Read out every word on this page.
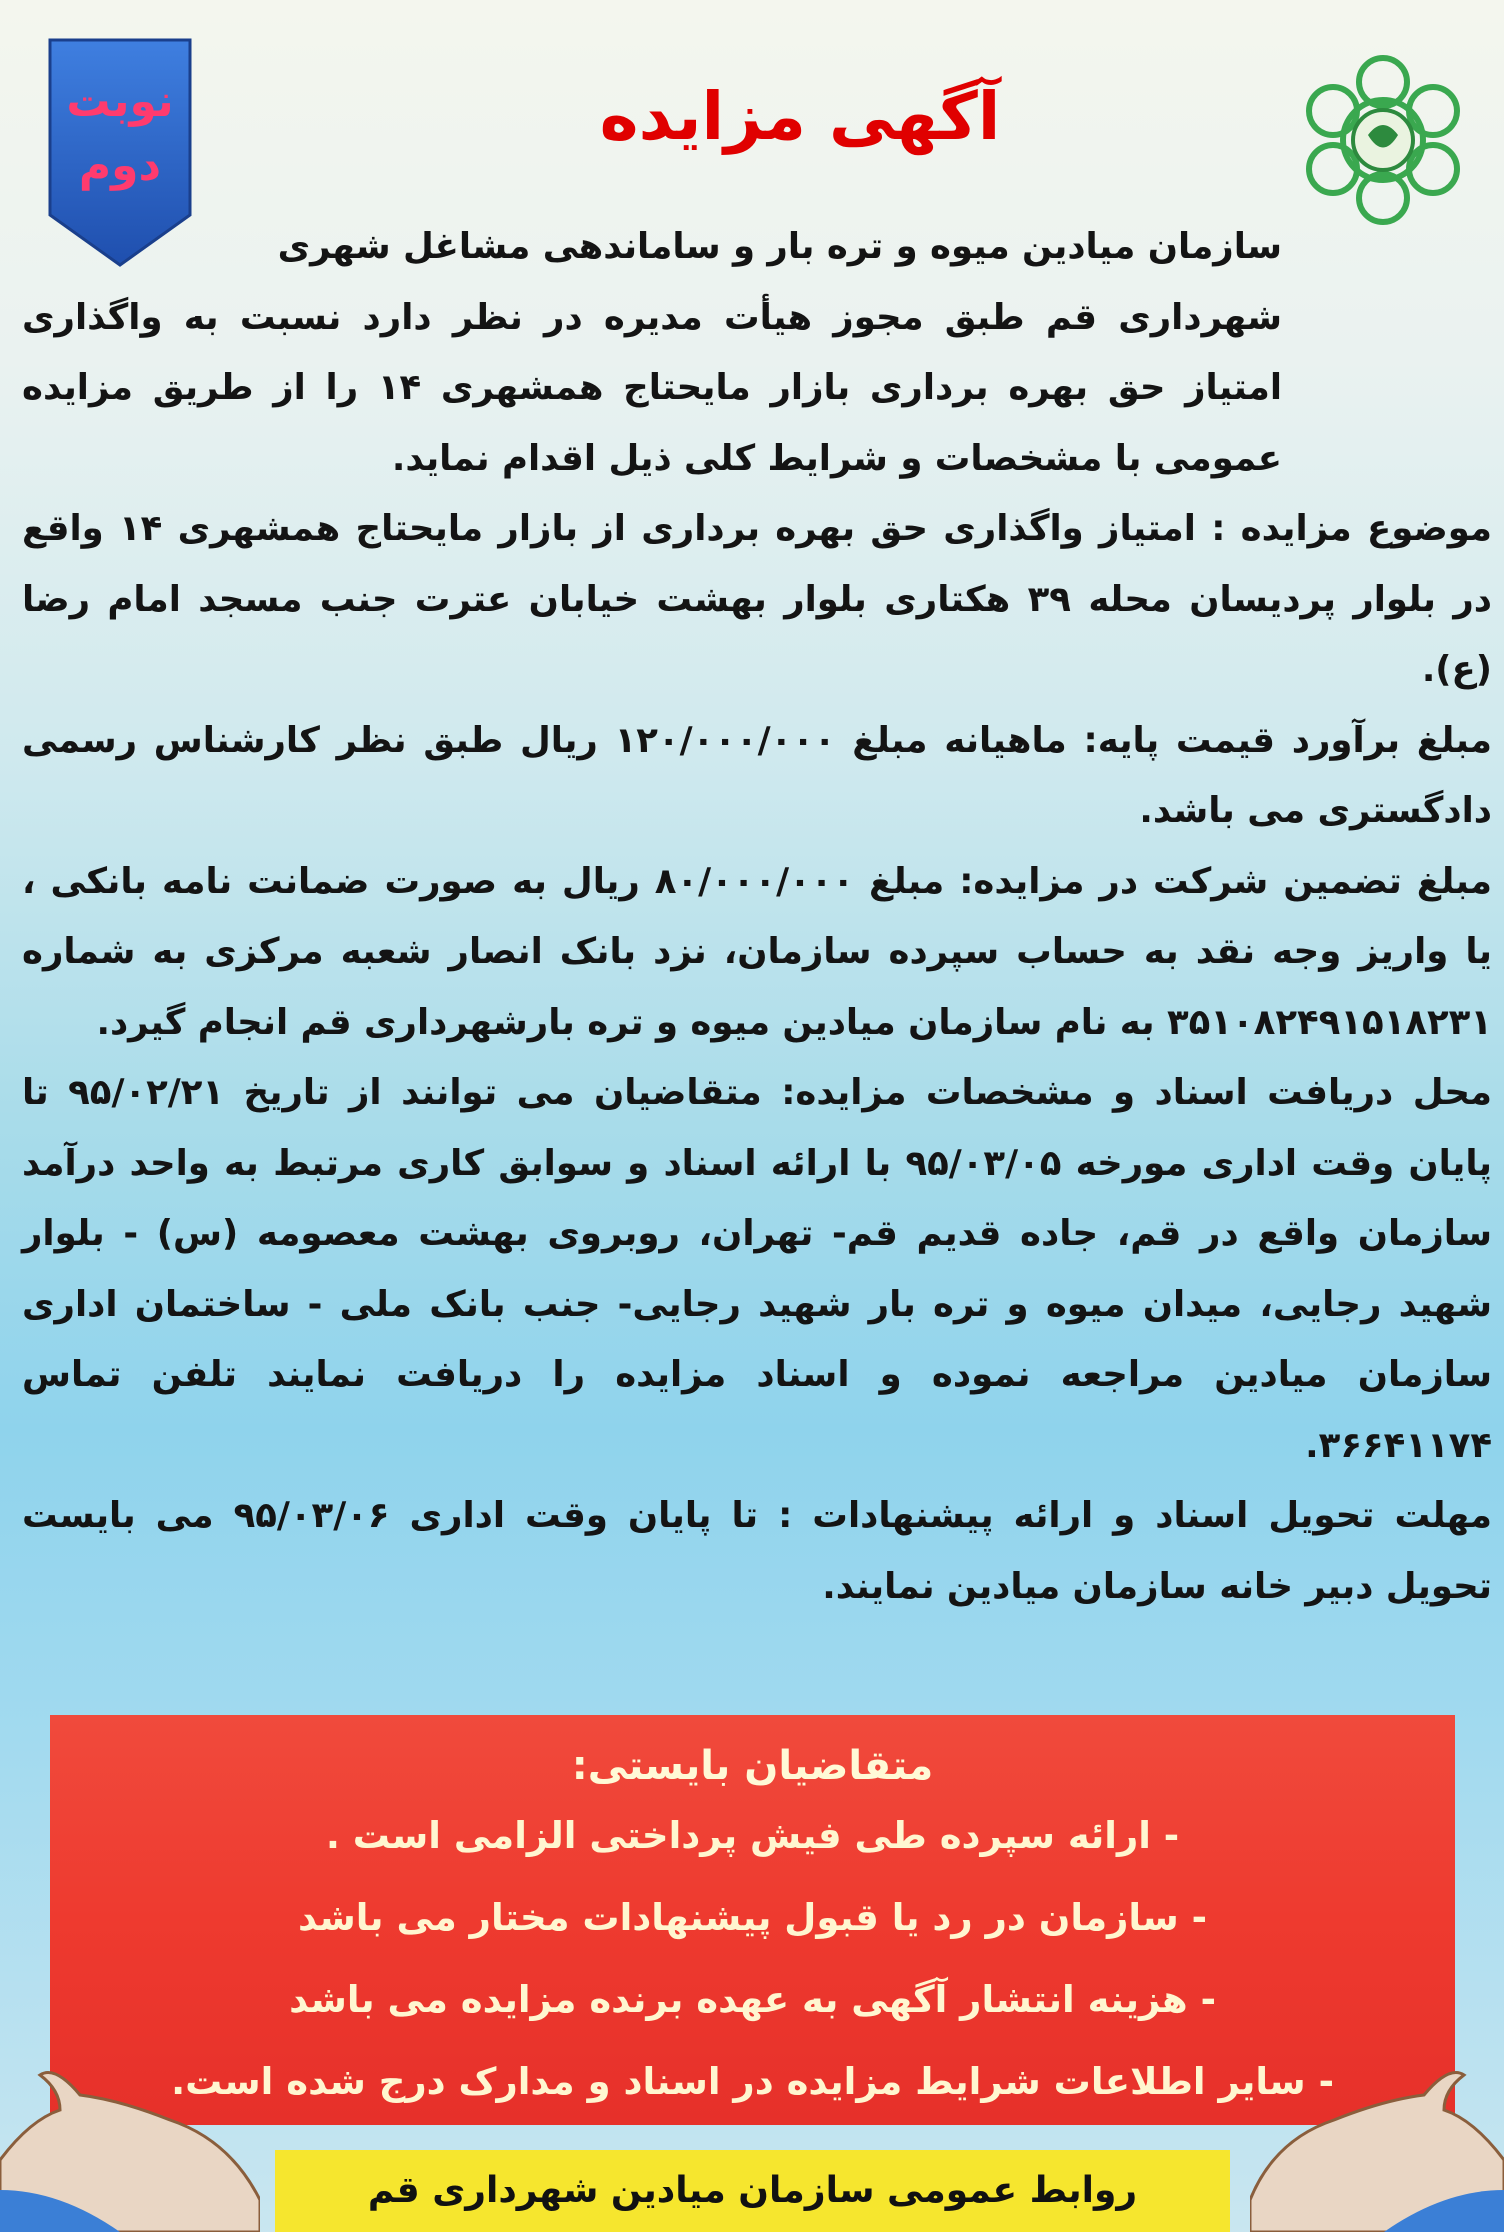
نوبت
دوم
آگهی مزایده

سازمان میادین میوه و تره بار و ساماندهی مشاغل شهری

شهرداری قم طبق مجوز هیأت مدیره در نظر دارد نسبت به واگذاری امتیاز حق بهره برداری بازار مایحتاج همشهری ۱۴ را از طریق مزایده عمومی با مشخصات و شرایط کلی ذیل اقدام نماید.

موضوع مزایده : امتیاز واگذاری حق بهره برداری از بازار مایحتاج همشهری ۱۴ واقع در بلوار پردیسان محله ۳۹ هکتاری بلوار بهشت خیابان عترت جنب مسجد امام رضا (ع).

مبلغ برآورد قیمت پایه: ماهیانه مبلغ ۱۲۰/۰۰۰/۰۰۰ ریال طبق نظر کارشناس رسمی دادگستری می باشد.

مبلغ تضمین شرکت در مزایده: مبلغ ۸۰/۰۰۰/۰۰۰ ریال به صورت ضمانت نامه بانکی ، یا واریز وجه نقد به حساب سپرده سازمان، نزد بانک انصار شعبه مرکزی به شماره ۳۵۱۰۸۲۴۹۱۵۱۸۲۳۱ به نام سازمان میادین میوه و تره بارشهرداری قم انجام گیرد.

محل دریافت اسناد و مشخصات مزایده: متقاضیان می توانند از تاریخ ۹۵/۰۲/۲۱ تا پایان وقت اداری مورخه ۹۵/۰۳/۰۵ با ارائه اسناد و سوابق کاری مرتبط به واحد درآمد سازمان واقع در قم، جاده قدیم قم- تهران، روبروی بهشت معصومه (س) - بلوار شهید رجایی، میدان میوه و تره بار شهید رجایی- جنب بانک ملی - ساختمان اداری سازمان میادین مراجعه نموده و اسناد مزایده را دریافت نمایند تلفن تماس ۳۶۶۴۱۱۷۴.

مهلت تحویل اسناد و ارائه پیشنهادات : تا پایان وقت اداری ۹۵/۰۳/۰۶ می بایست تحویل دبیر خانه سازمان میادین نمایند.

متقاضیان بایستی:
- ارائه سپرده طی فیش پرداختی الزامی است .
- سازمان در رد یا قبول پیشنهادات مختار می باشد
- هزینه انتشار آگهی به عهده برنده مزایده می باشد
- سایر اطلاعات شرایط مزایده در اسناد و مدارک درج شده است.
روابط عمومی سازمان میادین شهرداری قم
